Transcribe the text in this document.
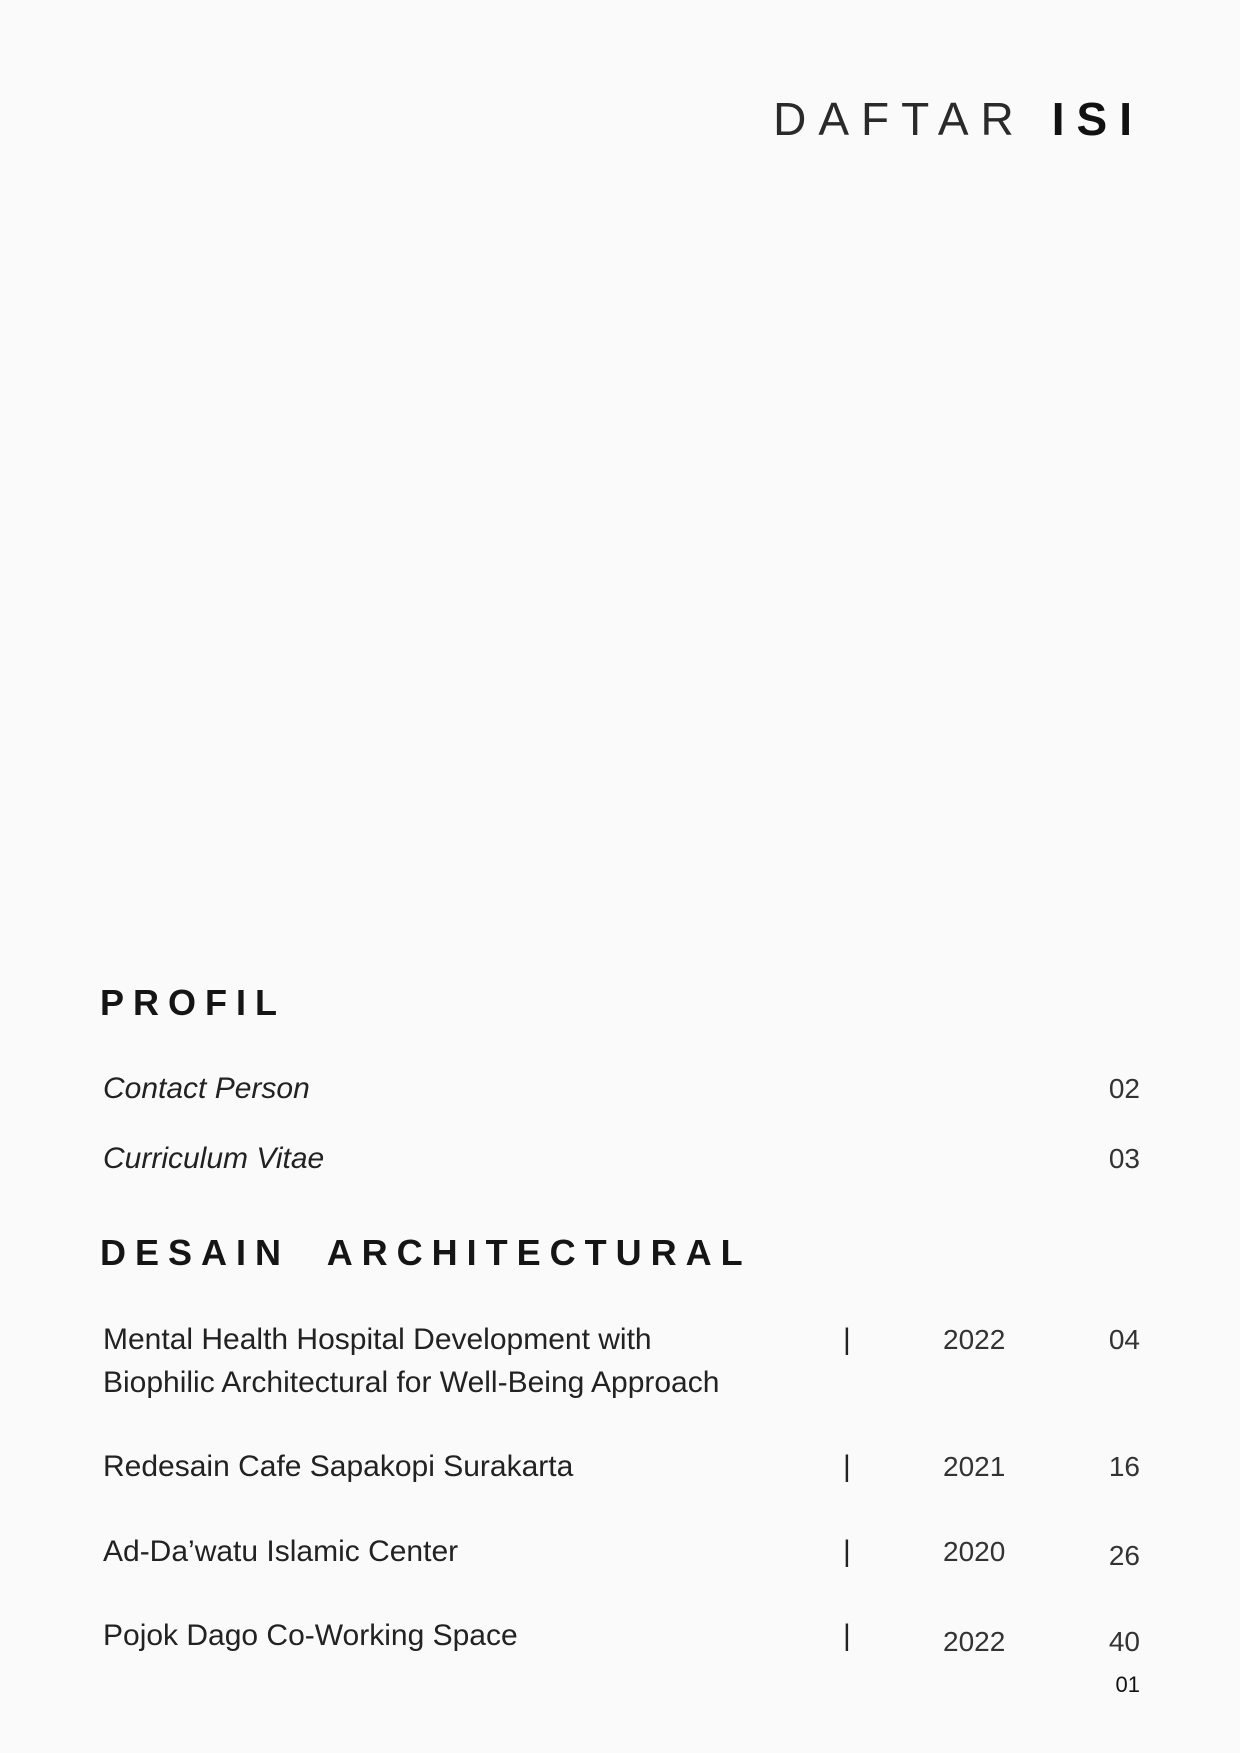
DAFTAR ISI
PROFIL
Contact Person	02
Curriculum Vitae	03
DESAIN  ARCHITECTURAL
Mental Health Hospital Development with
Biophilic Architectural for Well-Being Approach
|	2022	04
Redesain Cafe Sapakopi Surakarta	|	2021	16
Ad-Da’watu Islamic Center	|	2020	26
Pojok Dago Co-Working Space	|	2022	40
01
